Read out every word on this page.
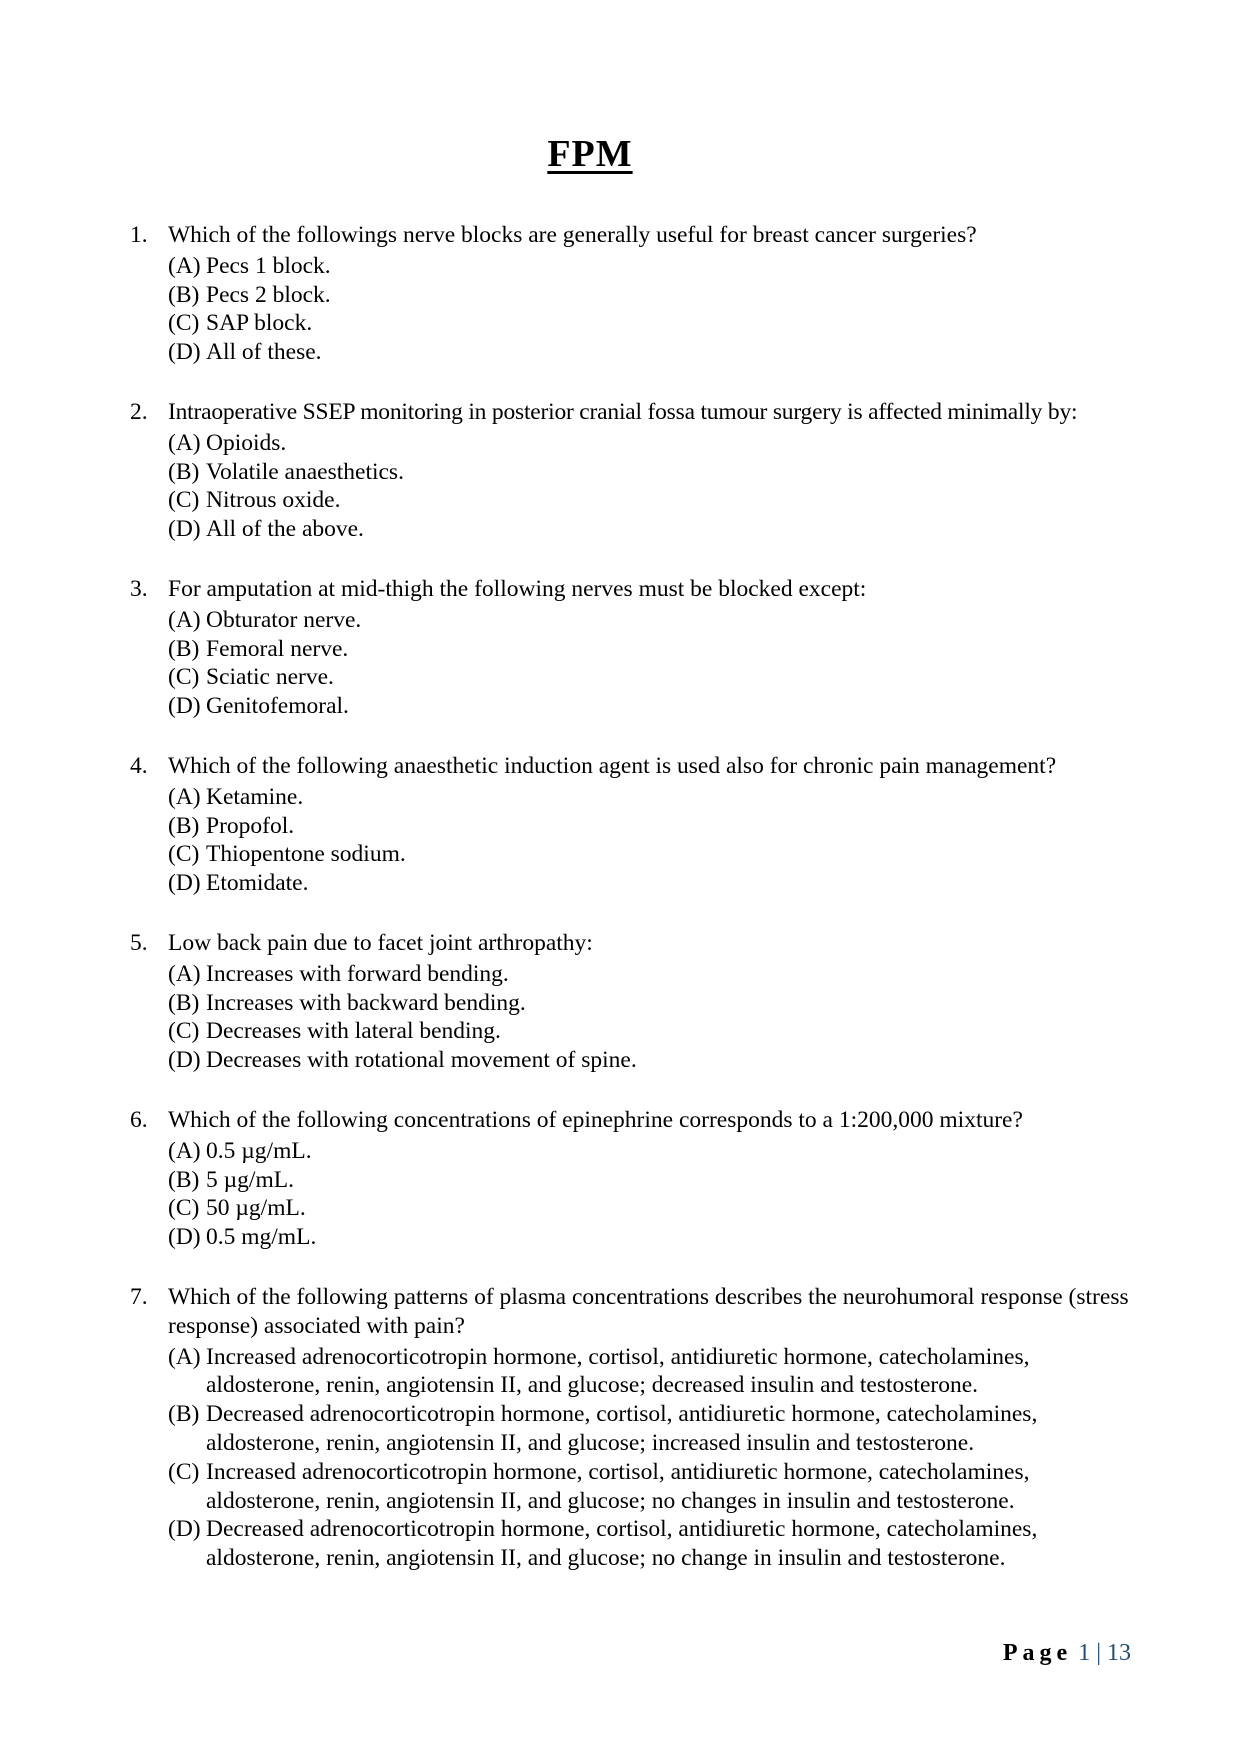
FPM
1. Which of the followings nerve blocks are generally useful for breast cancer surgeries?
(A) Pecs 1 block.
(B) Pecs 2 block.
(C) SAP block.
(D) All of these.
2. Intraoperative SSEP monitoring in posterior cranial fossa tumour surgery is affected minimally by:
(A) Opioids.
(B) Volatile anaesthetics.
(C) Nitrous oxide.
(D) All of the above.
3. For amputation at mid-thigh the following nerves must be blocked except:
(A) Obturator nerve.
(B) Femoral nerve.
(C) Sciatic nerve.
(D) Genitofemoral.
4. Which of the following anaesthetic induction agent is used also for chronic pain management?
(A) Ketamine.
(B) Propofol.
(C) Thiopentone sodium.
(D) Etomidate.
5. Low back pain due to facet joint arthropathy:
(A) Increases with forward bending.
(B) Increases with backward bending.
(C) Decreases with lateral bending.
(D) Decreases with rotational movement of spine.
6. Which of the following concentrations of epinephrine corresponds to a 1:200,000 mixture?
(A) 0.5 µg/mL.
(B) 5 µg/mL.
(C) 50 µg/mL.
(D) 0.5 mg/mL.
7. Which of the following patterns of plasma concentrations describes the neurohumoral response (stress response) associated with pain?
(A) Increased adrenocorticotropin hormone, cortisol, antidiuretic hormone, catecholamines, aldosterone, renin, angiotensin II, and glucose; decreased insulin and testosterone.
(B) Decreased adrenocorticotropin hormone, cortisol, antidiuretic hormone, catecholamines, aldosterone, renin, angiotensin II, and glucose; increased insulin and testosterone.
(C) Increased adrenocorticotropin hormone, cortisol, antidiuretic hormone, catecholamines, aldosterone, renin, angiotensin II, and glucose; no changes in insulin and testosterone.
(D) Decreased adrenocorticotropin hormone, cortisol, antidiuretic hormone, catecholamines, aldosterone, renin, angiotensin II, and glucose; no change in insulin and testosterone.
Page 1 | 13
